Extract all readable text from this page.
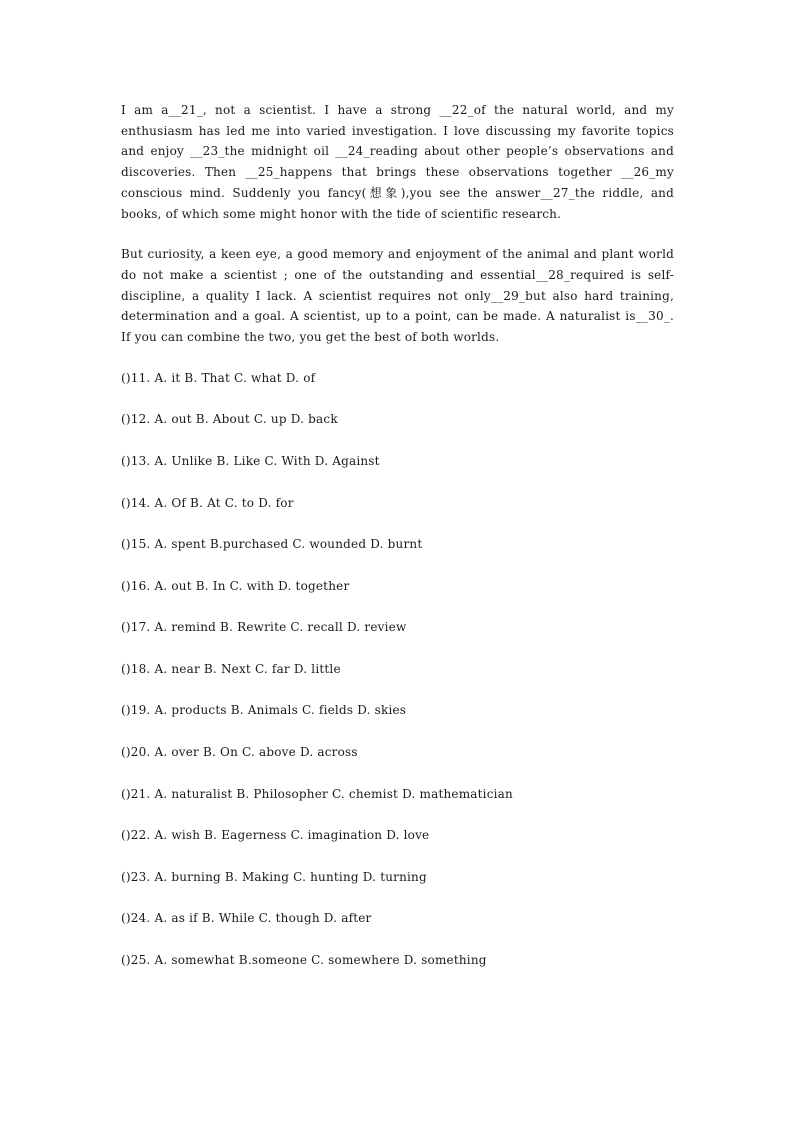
I am a__21_, not a scientist. I have a strong __22_of the natural world, and my enthusiasm has led me into varied investigation. I love discussing my favorite topics and enjoy __23_the midnight oil __24_reading about other people’s observations and discoveries. Then __25_happens that brings these observations together __26_my conscious mind. Suddenly you fancy(想象),you see the answer__27_the riddle, and books, of which some might honor with the tide of scientific research.

But curiosity, a keen eye, a good memory and enjoyment of the animal and plant world do not make a scientist ; one of the outstanding and essential__28_required is self-discipline, a quality I lack. A scientist requires not only__29_but also hard training, determination and a goal. A scientist, up to a point, can be made. A naturalist is__30_. If you can combine the two, you get the best of both worlds.

()11. A. it B. That C. what D. of
()12. A. out B. About C. up D. back
()13. A. Unlike B. Like C. With D. Against
()14. A. Of B. At C. to D. for
()15. A. spent B.purchased C. wounded D. burnt
()16. A. out B. In C. with D. together
()17. A. remind B. Rewrite C. recall D. review
()18. A. near B. Next C. far D. little
()19. A. products B. Animals C. fields D. skies
()20. A. over B. On C. above D. across
()21. A. naturalist B. Philosopher C. chemist D. mathematician
()22. A. wish B. Eagerness C. imagination D. love
()23. A. burning B. Making C. hunting D. turning
()24. A. as if B. While C. though D. after
()25. A. somewhat B.someone C. somewhere D. something
